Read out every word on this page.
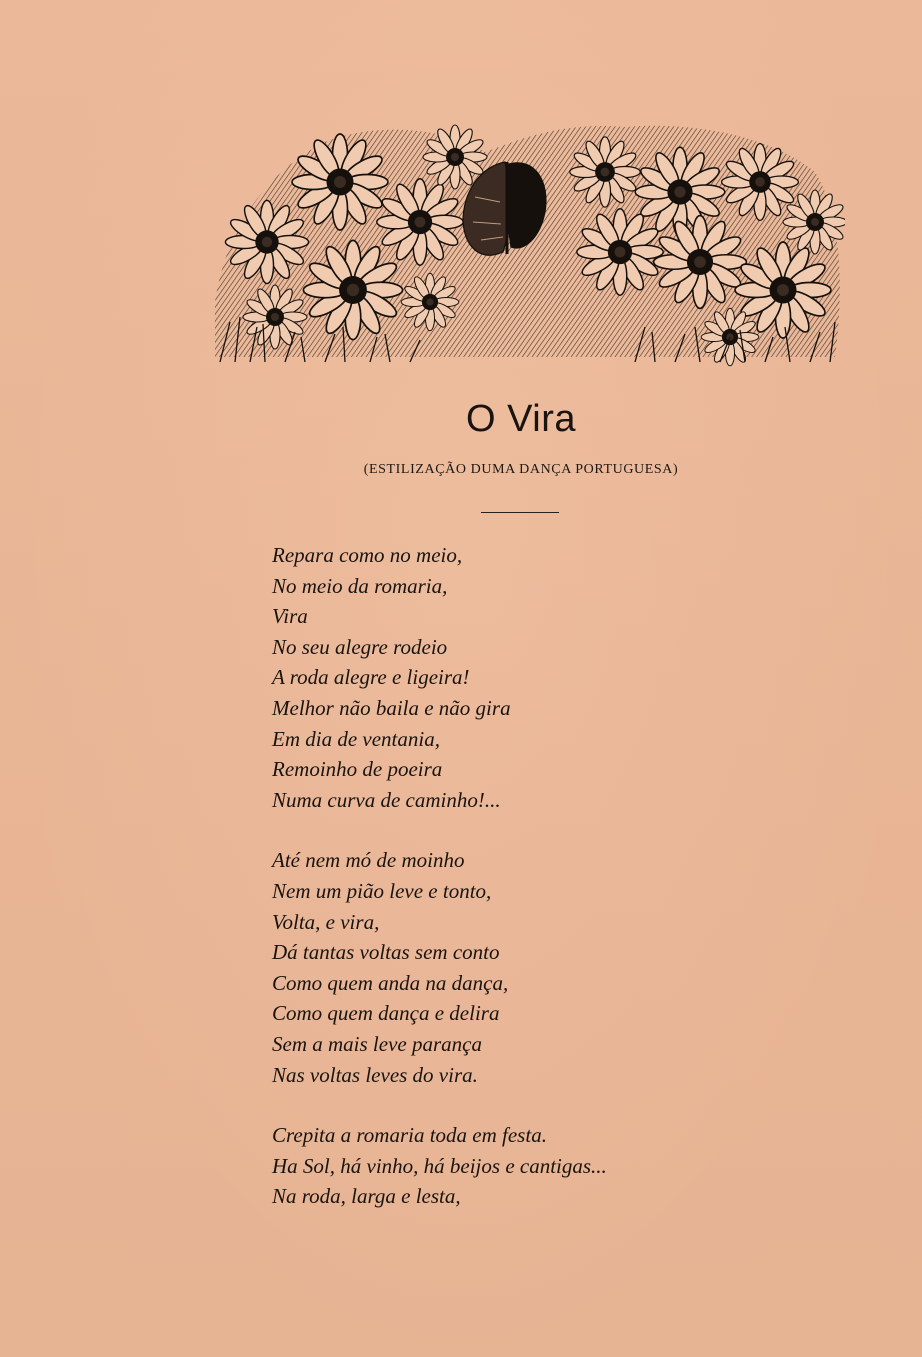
O Vira
(ESTILIZAÇÃO DUMA DANÇA PORTUGUESA)
Repara como no meio,
No meio da romaria,
Vira
No seu alegre rodeio
A roda alegre e ligeira!
Melhor não baila e não gira
Em dia de ventania,
Remoinho de poeira
Numa curva de caminho!...
Até nem mó de moinho
Nem um pião leve e tonto,
Volta, e vira,
Dá tantas voltas sem conto
Como quem anda na dança,
Como quem dança e delira
Sem a mais leve parança
Nas voltas leves do vira.
Crepita a romaria toda em festa.
Ha Sol, há vinho, há beijos e cantigas...
Na roda, larga e lesta,
